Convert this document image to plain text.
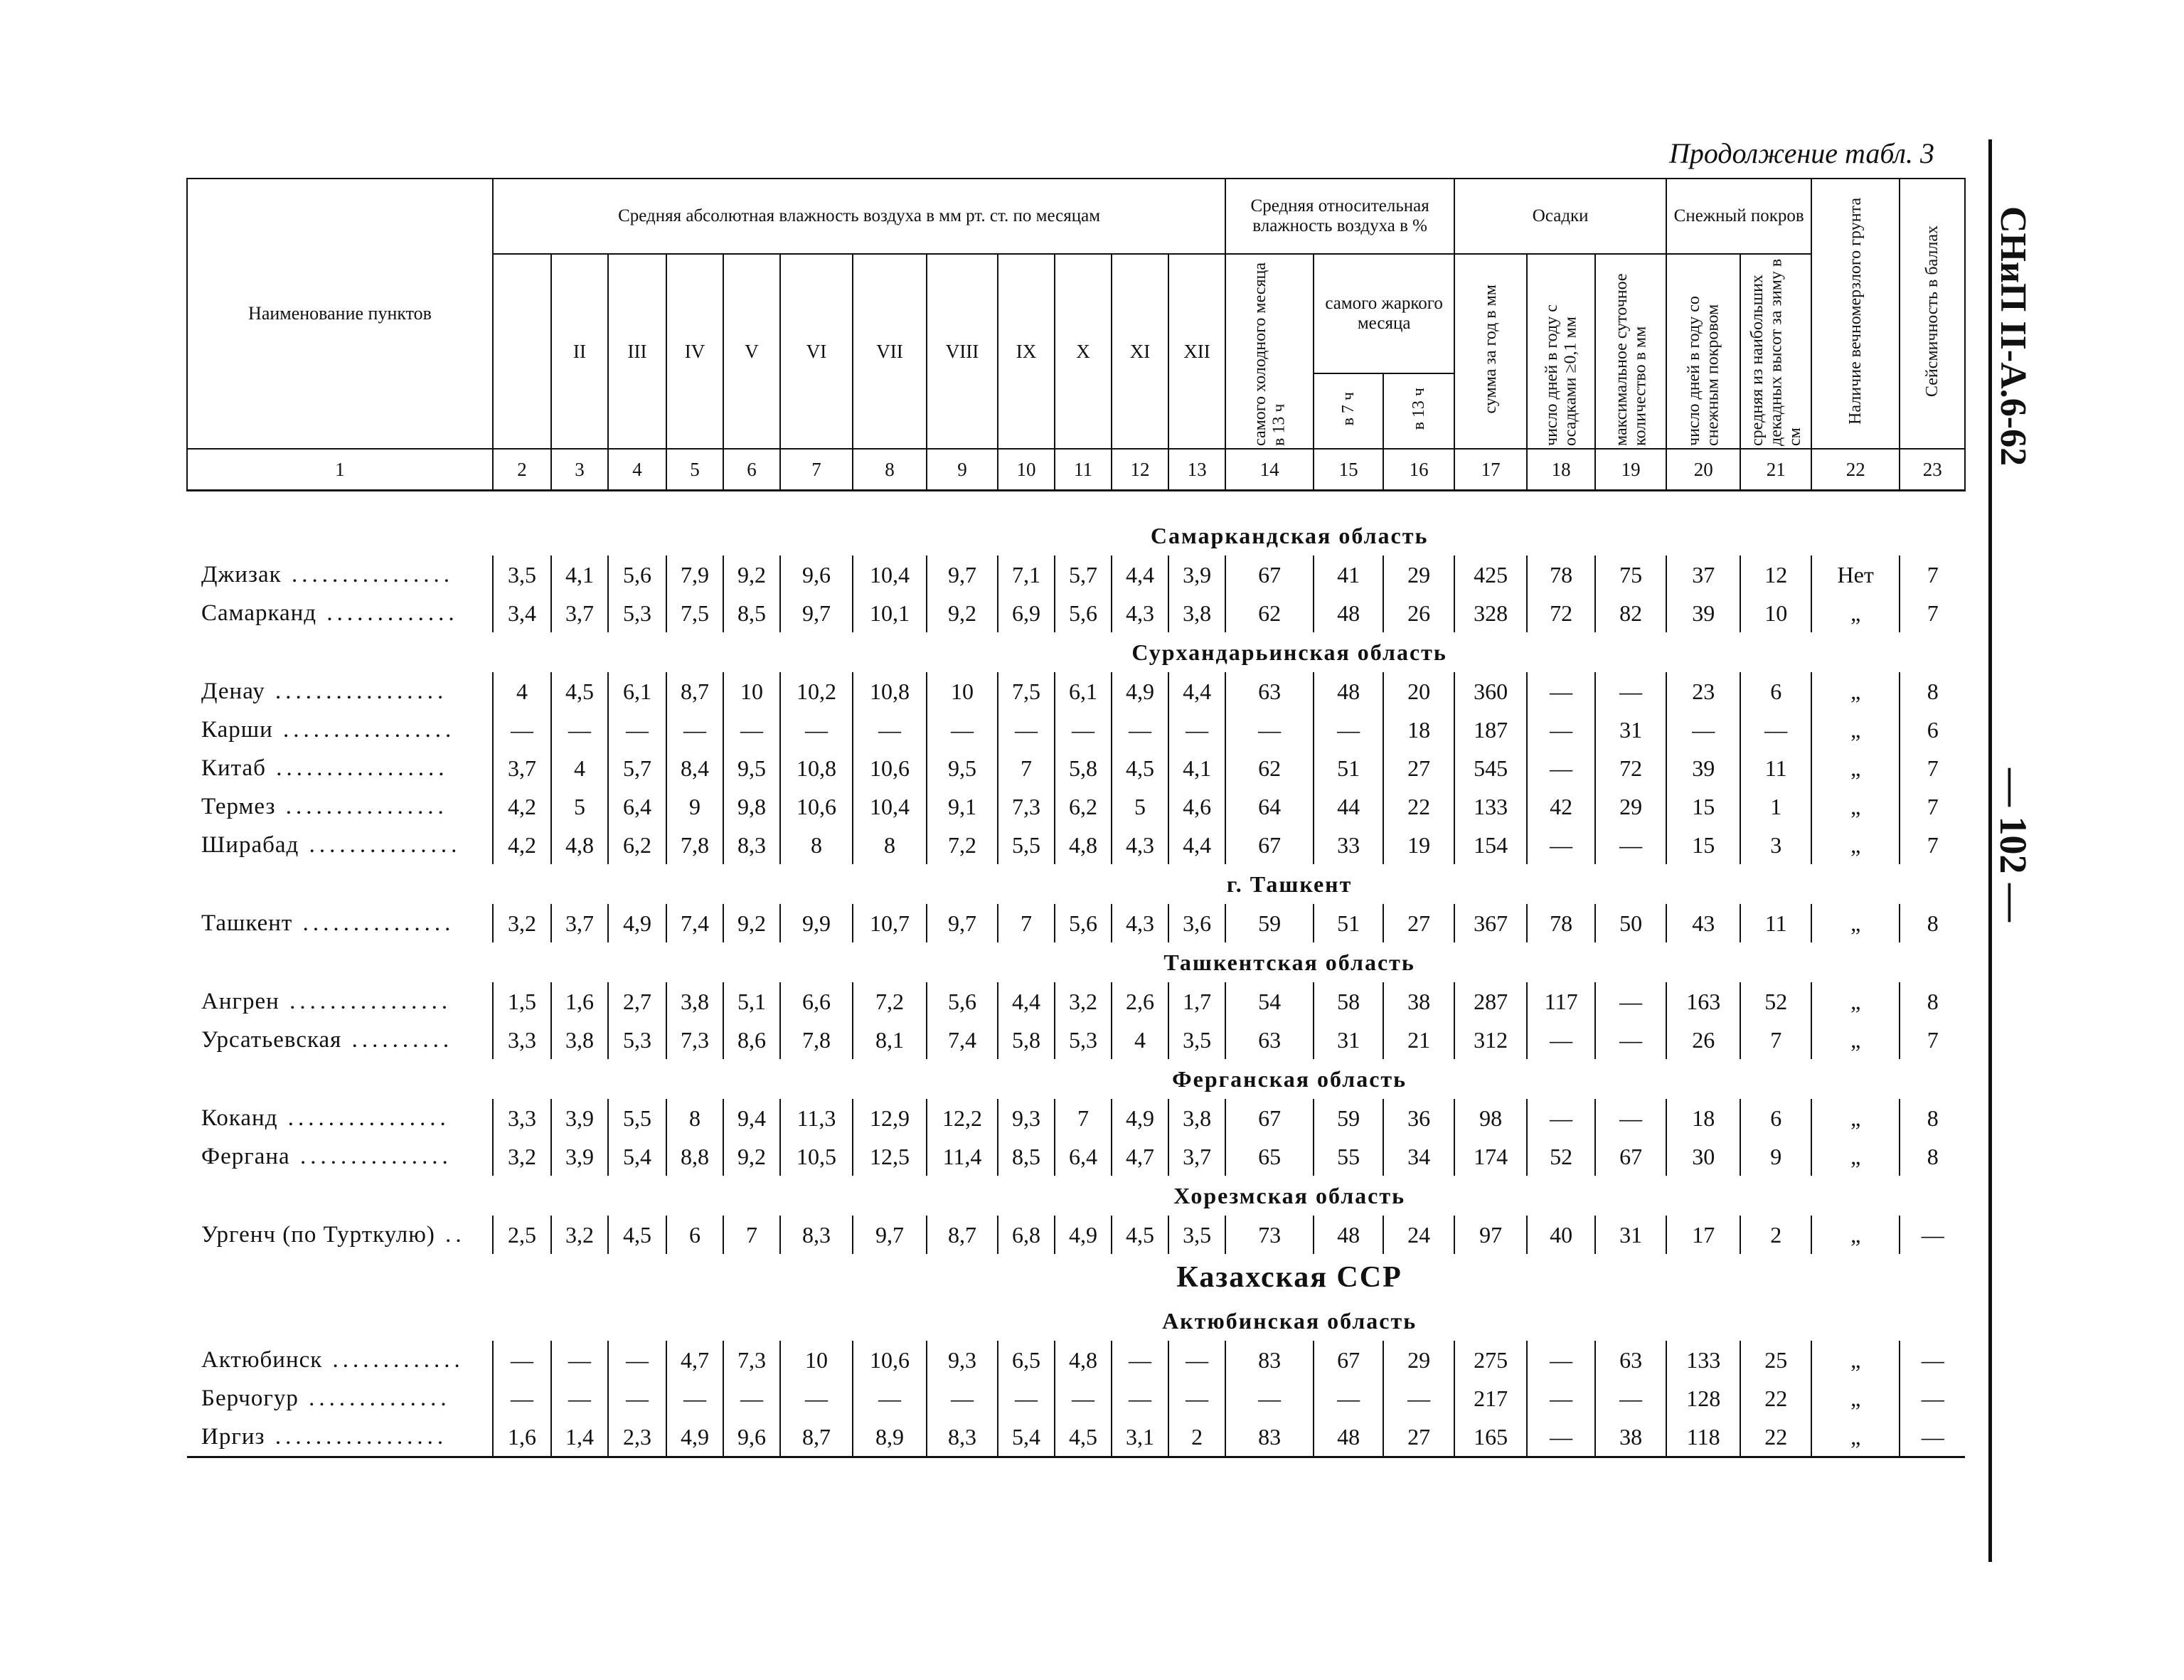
Продолжение табл. 3
СНиП II-А.6-62
— 102 —
Наименование пунктов	Средняя абсолютная влажность воздуха в мм рт. ст. по месяцам												Средняя относительная влажность воздуха в %			Осадки			Снежный покров		Наличие вечномерзлого грунта	Сейсмичность в баллах
		II	III	IV	V	VI	VII	VIII	IX	X	XI	XII	самого холодного месяца в 13 ч	самого жаркого месяца		сумма за год в мм	число дней в году с осадками ≥0,1 мм	максимальное суточное количество в мм	число дней в году со снежным покровом	средняя из наибольших декадных высот за зиму в см		
														в 7 ч	в 13 ч							
1	2	3	4	5	6	7	8	9	10	11	12	13	14	15	16	17	18	19	20	21	22	23

Самаркандская область																						
Джизак ................	3,5	4,1	5,6	7,9	9,2	9,6	10,4	9,7	7,1	5,7	4,4	3,9	67	41	29	425	78	75	37	12	Нет	7
Самарканд .............	3,4	3,7	5,3	7,5	8,5	9,7	10,1	9,2	6,9	5,6	4,3	3,8	62	48	26	328	72	82	39	10	„	7
Сурхандарьинская область																						
Денау .................	4	4,5	6,1	8,7	10	10,2	10,8	10	7,5	6,1	4,9	4,4	63	48	20	360	—	—	23	6	„	8
Карши .................	—	—	—	—	—	—	—	—	—	—	—	—	—	—	18	187	—	31	—	—	„	6
Китаб .................	3,7	4	5,7	8,4	9,5	10,8	10,6	9,5	7	5,8	4,5	4,1	62	51	27	545	—	72	39	11	„	7
Термез ................	4,2	5	6,4	9	9,8	10,6	10,4	9,1	7,3	6,2	5	4,6	64	44	22	133	42	29	15	1	„	7
Ширабад ...............	4,2	4,8	6,2	7,8	8,3	8	8	7,2	5,5	4,8	4,3	4,4	67	33	19	154	—	—	15	3	„	7
г. Ташкент																						
Ташкент ...............	3,2	3,7	4,9	7,4	9,2	9,9	10,7	9,7	7	5,6	4,3	3,6	59	51	27	367	78	50	43	11	„	8
Ташкентская область																						
Ангрен ................	1,5	1,6	2,7	3,8	5,1	6,6	7,2	5,6	4,4	3,2	2,6	1,7	54	58	38	287	117	—	163	52	„	8
Урсатьевская ..........	3,3	3,8	5,3	7,3	8,6	7,8	8,1	7,4	5,8	5,3	4	3,5	63	31	21	312	—	—	26	7	„	7
Ферганская область																						
Коканд ................	3,3	3,9	5,5	8	9,4	11,3	12,9	12,2	9,3	7	4,9	3,8	67	59	36	98	—	—	18	6	„	8
Фергана ...............	3,2	3,9	5,4	8,8	9,2	10,5	12,5	11,4	8,5	6,4	4,7	3,7	65	55	34	174	52	67	30	9	„	8
Хорезмская область																						
Ургенч (по Турткулю) ..	2,5	3,2	4,5	6	7	8,3	9,7	8,7	6,8	4,9	4,5	3,5	73	48	24	97	40	31	17	2	„	—
Казахская ССР																						
Актюбинская область																						
Актюбинск .............	—	—	—	4,7	7,3	10	10,6	9,3	6,5	4,8	—	—	83	67	29	275	—	63	133	25	„	—
Берчогур ..............	—	—	—	—	—	—	—	—	—	—	—	—	—	—	—	217	—	—	128	22	„	—
Иргиз .................	1,6	1,4	2,3	4,9	9,6	8,7	8,9	8,3	5,4	4,5	3,1	2	83	48	27	165	—	38	118	22	„	—
